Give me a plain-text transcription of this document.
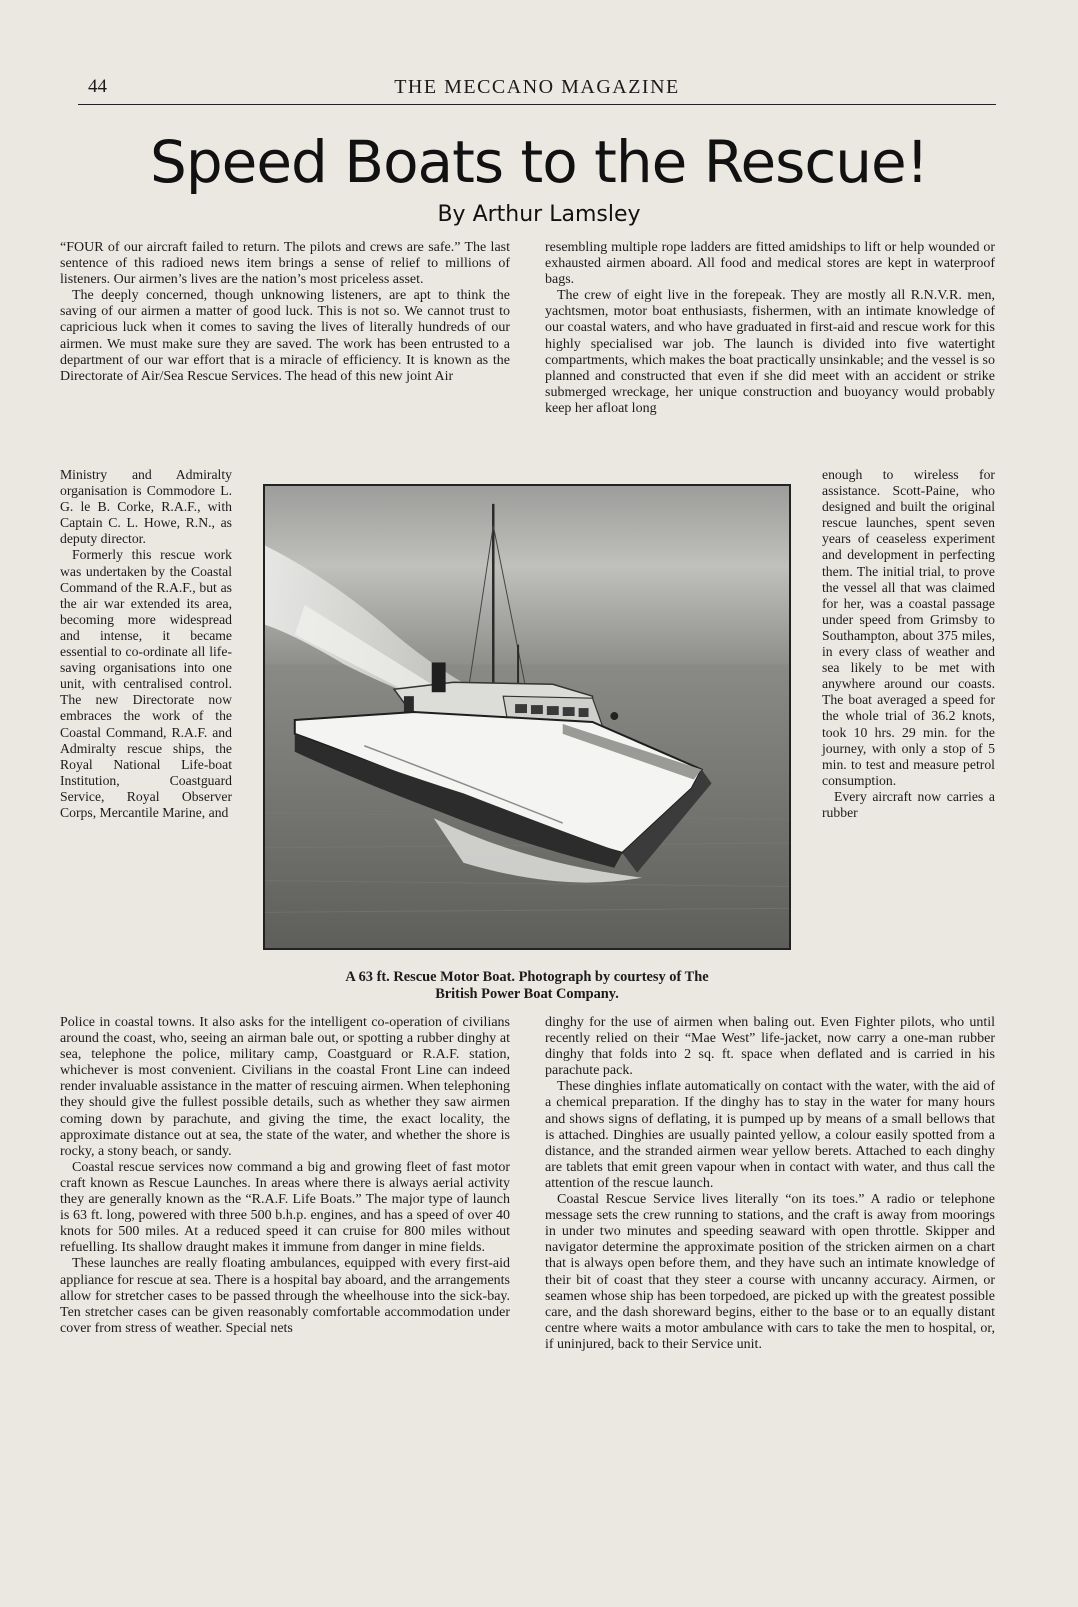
44	THE MECCANO MAGAZINE
Speed Boats to the Rescue!
By Arthur Lamsley
“FOUR of our aircraft failed to return. The pilots and crews are safe.” The last sentence of this radioed news item brings a sense of relief to millions of listeners. Our airmen’s lives are the nation’s most priceless asset.
The deeply concerned, though unknowing listeners, are apt to think the saving of our airmen a matter of good luck. This is not so. We cannot trust to capricious luck when it comes to saving the lives of literally hundreds of our airmen. We must make sure they are saved. The work has been entrusted to a department of our war effort that is a miracle of efficiency. It is known as the Directorate of Air/Sea Rescue Services. The head of this new joint Air
Ministry and Admiralty organisation is Commodore L. G. le B. Corke, R.A.F., with Captain C. L. Howe, R.N., as deputy director.
Formerly this rescue work was undertaken by the Coastal Command of the R.A.F., but as the air war extended its area, becoming more widespread and intense, it became essential to co-ordinate all life-saving organisations into one unit, with centralised control. The new Directorate now embraces the work of the Coastal Command, R.A.F. and Admiralty rescue ships, the Royal National Life-boat Institution, Coastguard Service, Royal Observer Corps, Mercantile Marine, and
Police in coastal towns. It also asks for the intelligent co-operation of civilians around the coast, who, seeing an airman bale out, or spotting a rubber dinghy at sea, telephone the police, military camp, Coastguard or R.A.F. station, whichever is most convenient. Civilians in the coastal Front Line can indeed render invaluable assistance in the matter of rescuing airmen. When telephoning they should give the fullest possible details, such as whether they saw airmen coming down by parachute, and giving the time, the exact locality, the approximate distance out at sea, the state of the water, and whether the shore is rocky, a stony beach, or sandy.
Coastal rescue services now command a big and growing fleet of fast motor craft known as Rescue Launches. In areas where there is always aerial activity they are generally known as the “R.A.F. Life Boats.” The major type of launch is 63 ft. long, powered with three 500 b.h.p. engines, and has a speed of over 40 knots for 500 miles. At a reduced speed it can cruise for 800 miles without refuelling. Its shallow draught makes it immune from danger in mine fields.
These launches are really floating ambulances, equipped with every first-aid appliance for rescue at sea. There is a hospital bay aboard, and the arrangements allow for stretcher cases to be passed through the wheelhouse into the sick-bay. Ten stretcher cases can be given reasonably comfortable accommodation under cover from stress of weather. Special nets
resembling multiple rope ladders are fitted amidships to lift or help wounded or exhausted airmen aboard. All food and medical stores are kept in waterproof bags.
The crew of eight live in the forepeak. They are mostly all R.N.V.R. men, yachtsmen, motor boat enthusiasts, fishermen, with an intimate knowledge of our coastal waters, and who have graduated in first-aid and rescue work for this highly specialised war job. The launch is divided into five watertight compartments, which makes the boat practically unsinkable; and the vessel is so planned and constructed that even if she did meet with an accident or strike submerged wreckage, her unique construction and buoyancy would probably keep her afloat long
enough to wireless for assistance. Scott-Paine, who designed and built the original rescue launches, spent seven years of ceaseless experiment and development in perfecting them. The initial trial, to prove the vessel all that was claimed for her, was a coastal passage under speed from Grimsby to Southampton, about 375 miles, in every class of weather and sea likely to be met with anywhere around our coasts. The boat averaged a speed for the whole trial of 36.2 knots, took 10 hrs. 29 min. for the journey, with only a stop of 5 min. to test and measure petrol consumption.
Every aircraft now carries a rubber
dinghy for the use of airmen when baling out. Even Fighter pilots, who until recently relied on their “Mae West” life-jacket, now carry a one-man rubber dinghy that folds into 2 sq. ft. space when deflated and is carried in his parachute pack.
These dinghies inflate automatically on contact with the water, with the aid of a chemical preparation. If the dinghy has to stay in the water for many hours and shows signs of deflating, it is pumped up by means of a small bellows that is attached. Dinghies are usually painted yellow, a colour easily spotted from a distance, and the stranded airmen wear yellow berets. Attached to each dinghy are tablets that emit green vapour when in contact with water, and thus call the attention of the rescue launch.
Coastal Rescue Service lives literally “on its toes.” A radio or telephone message sets the crew running to stations, and the craft is away from moorings in under two minutes and speeding seaward with open throttle. Skipper and navigator determine the approximate position of the stricken airmen on a chart that is always open before them, and they have such an intimate knowledge of their bit of coast that they steer a course with uncanny accuracy. Airmen, or seamen whose ship has been torpedoed, are picked up with the greatest possible care, and the dash shoreward begins, either to the base or to an equally distant centre where waits a motor ambulance with cars to take the men to hospital, or, if uninjured, back to their Service unit.
A 63 ft. Rescue Motor Boat. Photograph by courtesy of The
British Power Boat Company.
